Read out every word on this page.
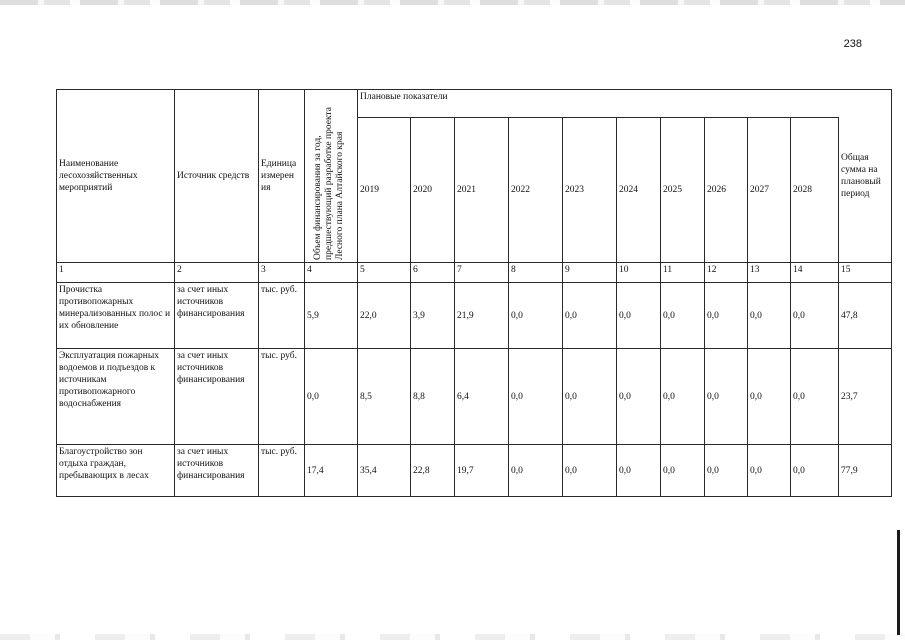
238
Наименование лесохозяйственных мероприятий	Источник средств	Единица измерен ия	Объем финансирования за год, предшествующий разработке проекта Лесного плана Алтайского края	Плановые показатели										Общая сумма на плановый период
				2019	2020	2021	2022	2023	2024	2025	2026	2027	2028	
1	2	3	4	5	6	7	8	9	10	11	12	13	14	15
Прочистка противопожарных минерализованных полос и их обновление	за счет иных источников финансирования	тыс. руб.	5,9	22,0	3,9	21,9	0,0	0,0	0,0	0,0	0,0	0,0	0,0	47,8
Эксплуатация пожарных водоемов и подъездов к источникам противопожарного водоснабжения	за счет иных источников финансирования	тыс. руб.	0,0	8,5	8,8	6,4	0,0	0,0	0,0	0,0	0,0	0,0	0,0	23,7
Благоустройство зон отдыха граждан, пребывающих в лесах	за счет иных источников финансирования	тыс. руб.	17,4	35,4	22,8	19,7	0,0	0,0	0,0	0,0	0,0	0,0	0,0	77,9
